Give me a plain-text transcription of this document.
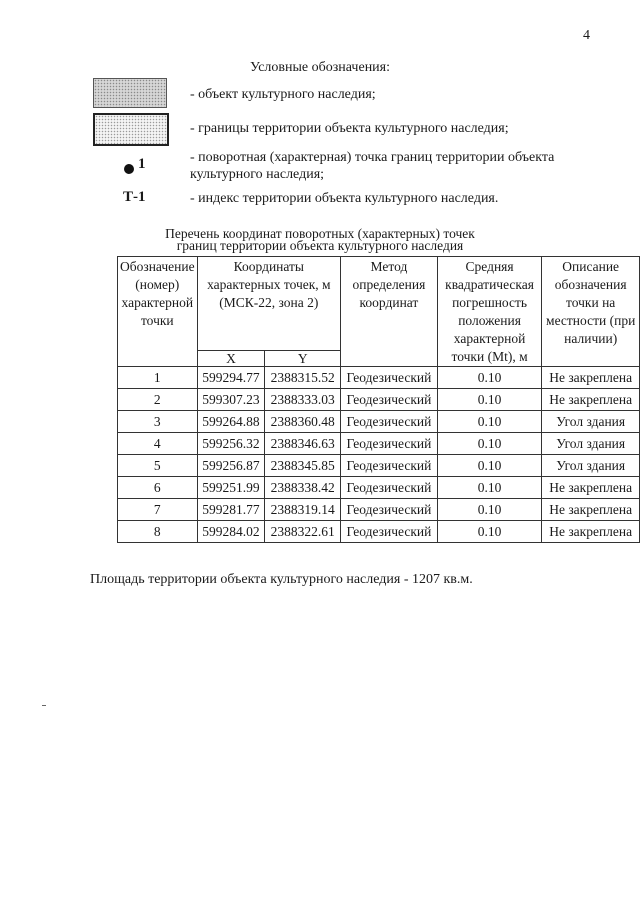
4
Условные обозначения:
- объект культурного наследия;
- границы территории объекта культурного наследия;
1	- поворотная (характерная) точка границ территории объекта культурного наследия;
Т-1	- индекс территории объекта культурного наследия.
Перечень координат поворотных (характерных) точек
границ территории объекта культурного наследия
Обозначение (номер) характерной точки	Координаты характерных точек, м (МСК-22, зона 2)		Метод определения координат	Средняя квадратическая погрешность положения характерной точки (Mt), м	Описание обозначения точки на местности (при наличии)
	X	Y			
1	599294.77	2388315.52	Геодезический	0.10	Не закреплена
2	599307.23	2388333.03	Геодезический	0.10	Не закреплена
3	599264.88	2388360.48	Геодезический	0.10	Угол здания
4	599256.32	2388346.63	Геодезический	0.10	Угол здания
5	599256.87	2388345.85	Геодезический	0.10	Угол здания
6	599251.99	2388338.42	Геодезический	0.10	Не закреплена
7	599281.77	2388319.14	Геодезический	0.10	Не закреплена
8	599284.02	2388322.61	Геодезический	0.10	Не закреплена
Площадь территории объекта культурного наследия - 1207 кв.м.
